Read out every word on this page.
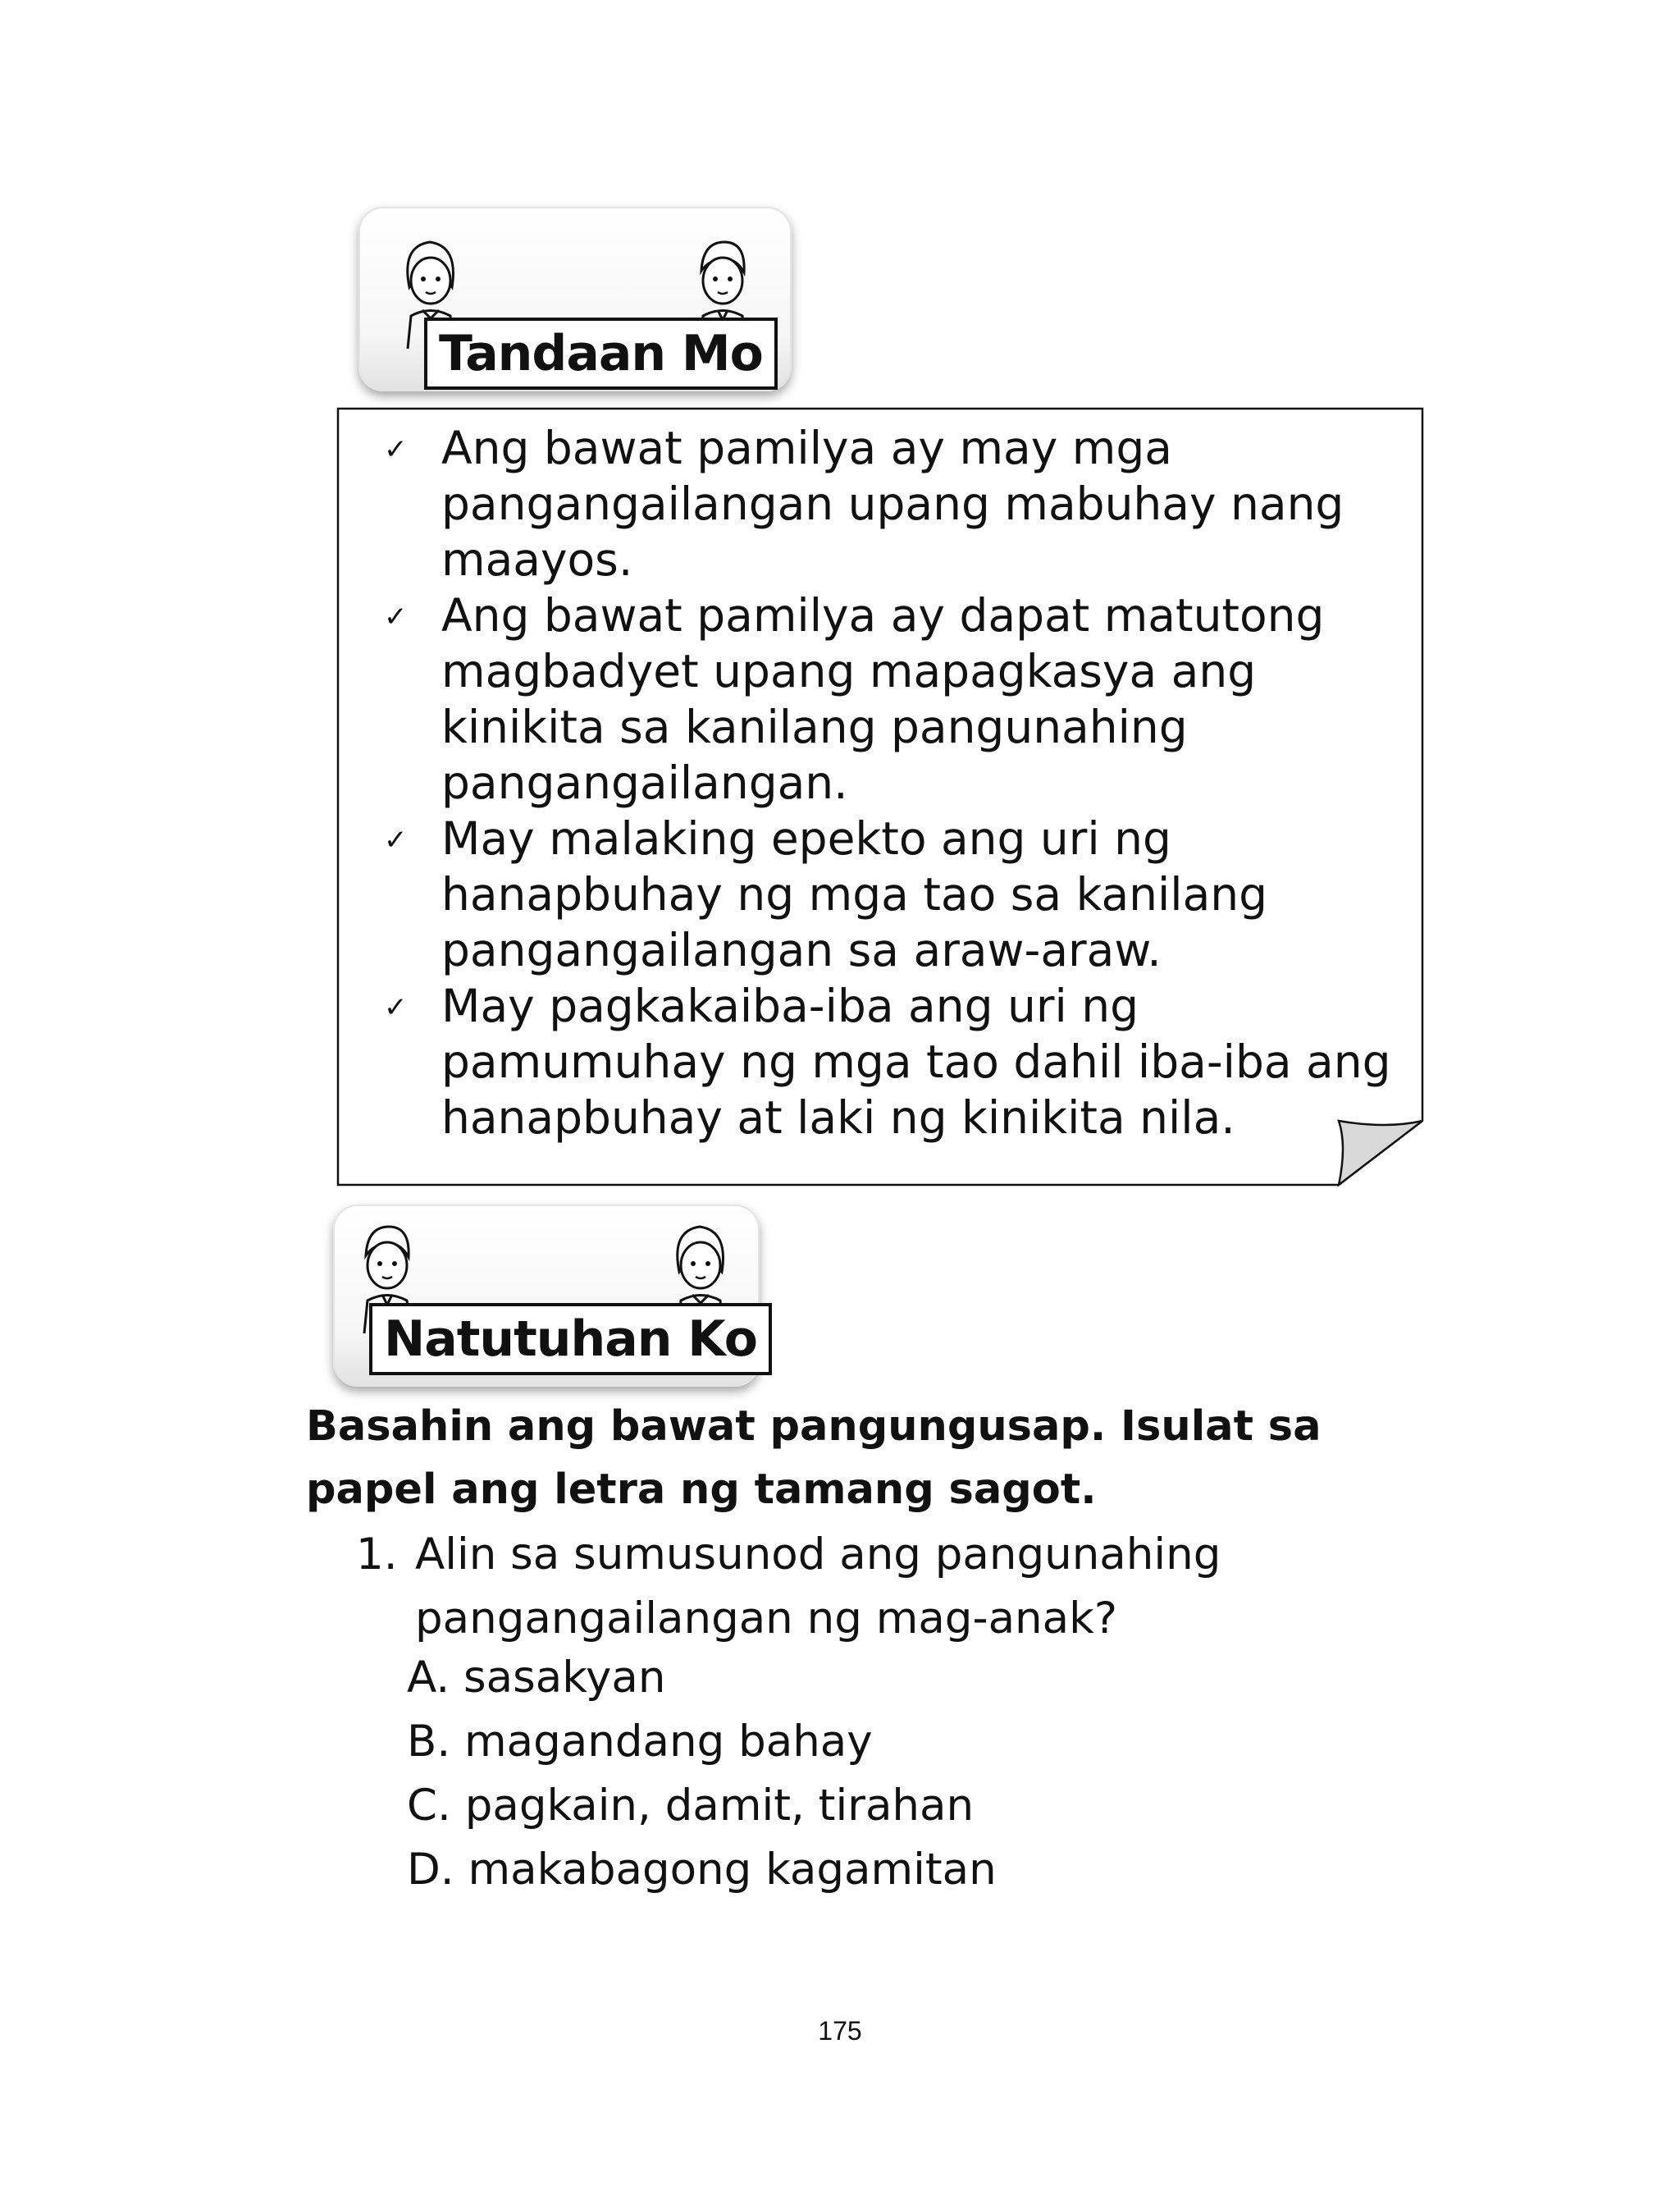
Tandaan Mo
✓ Ang bawat pamilya ay may mga pangangailangan upang mabuhay nang maayos.
✓ Ang bawat pamilya ay dapat matutong magbadyet upang mapagkasya ang kinikita sa kanilang pangunahing pangangailangan.
✓ May malaking epekto ang uri ng hanapbuhay ng mga tao sa kanilang pangangailangan sa araw-araw.
✓ May pagkakaiba-iba ang uri ng pamumuhay ng mga tao dahil iba-iba ang hanapbuhay at laki ng kinikita nila.
Natutuhan Ko
Basahin ang bawat pangungusap. Isulat sa papel ang letra ng tamang sagot.
1. Alin sa sumusunod ang pangunahing pangangailangan ng mag-anak?
A. sasakyan
B. magandang bahay
C. pagkain, damit, tirahan
D. makabagong kagamitan
175
